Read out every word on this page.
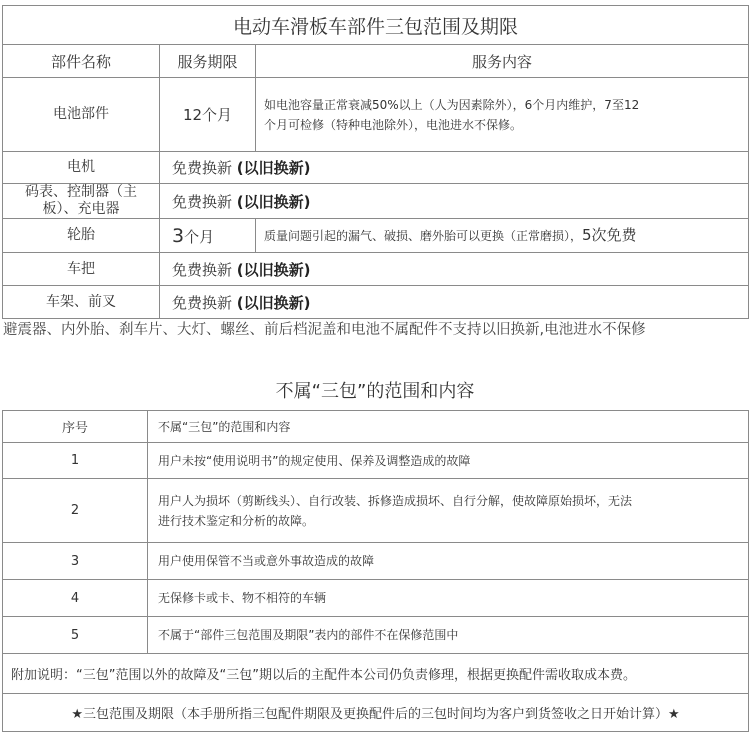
电动车滑板车部件三包范围及期限		
部件名称	服务期限	服务内容
电池部件	12个月	如电池容量正常衰减50%以上（人为因素除外），6个月内维护，7至12
个月可检修（特种电池除外），电池进水不保修。

电机	免费换新 (以旧换新)	

码表、控制器（主
板）、充电器	免费换新 (以旧换新)	
轮胎	3个月	质量问题引起的漏气、破损、磨外胎可以更换（正常磨损），5次免费
车把	免费换新 (以旧换新)	
车架、前叉	免费换新 (以旧换新)	
避震器、内外胎、刹车片、大灯、螺丝、前后档泥盖和电池不属配件不支持以旧换新,电池进水不保修
不属“三包”的范围和内容
序号	不属“三包”的范围和内容
1	用户未按“使用说明书”的规定使用、保养及调整造成的故障
2	用户人为损坏（剪断线头）、自行改装、拆修造成损坏、自行分解，使故障原始损坏，无法
进行技术鉴定和分析的故障。

3	用户使用保管不当或意外事故造成的故障
4	无保修卡或卡、物不相符的车辆
5	不属于“部件三包范围及期限”表内的部件不在保修范围中
附加说明：“三包”范围以外的故障及“三包”期以后的主配件本公司仍负责修理，根据更换配件需收取成本费。	
★三包范围及期限（本手册所指三包配件期限及更换配件后的三包时间均为客户到货签收之日开始计算）★	
